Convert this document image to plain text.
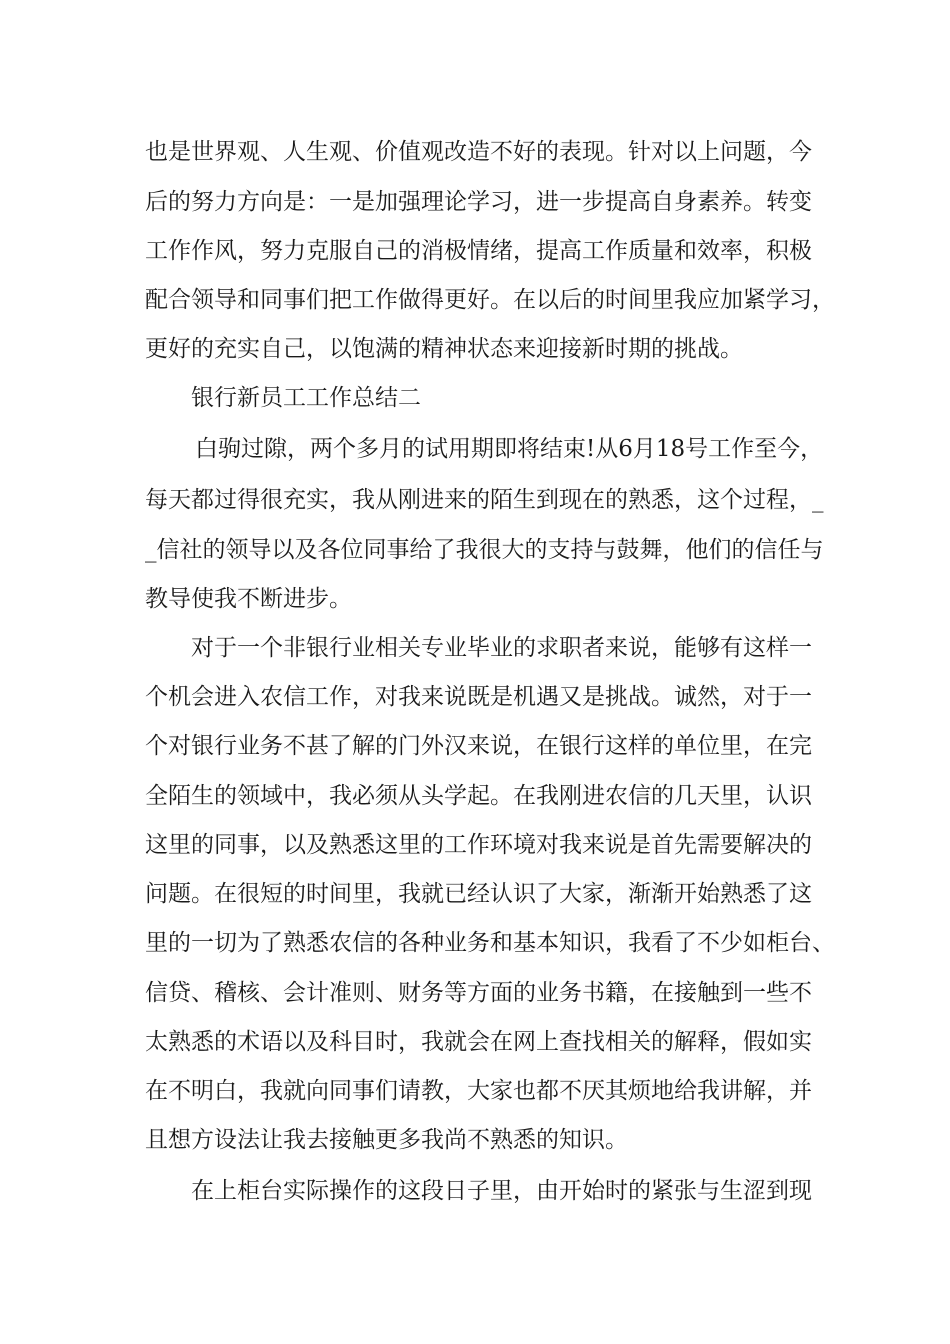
也是世界观、人生观、价值观改造不好的表现。针对以上问题，今
后的努力方向是：一是加强理论学习，进一步提高自身素养。转变
工作作风，努力克服自己的消极情绪，提高工作质量和效率，积极
配合领导和同事们把工作做得更好。在以后的时间里我应加紧学习，
更好的充实自己，以饱满的精神状态来迎接新时期的挑战。
银行新员工工作总结二
白驹过隙，两个多月的试用期即将结束!从6月18号工作至今，
每天都过得很充实，我从刚进来的陌生到现在的熟悉，这个过程，_
_信社的领导以及各位同事给了我很大的支持与鼓舞，他们的信任与
教导使我不断进步。
对于一个非银行业相关专业毕业的求职者来说，能够有这样一
个机会进入农信工作，对我来说既是机遇又是挑战。诚然，对于一
个对银行业务不甚了解的门外汉来说，在银行这样的单位里，在完
全陌生的领域中，我必须从头学起。在我刚进农信的几天里，认识
这里的同事，以及熟悉这里的工作环境对我来说是首先需要解决的
问题。在很短的时间里，我就已经认识了大家，渐渐开始熟悉了这
里的一切为了熟悉农信的各种业务和基本知识，我看了不少如柜台、
信贷、稽核、会计准则、财务等方面的业务书籍，在接触到一些不
太熟悉的术语以及科目时，我就会在网上查找相关的解释，假如实
在不明白，我就向同事们请教，大家也都不厌其烦地给我讲解，并
且想方设法让我去接触更多我尚不熟悉的知识。
在上柜台实际操作的这段日子里，由开始时的紧张与生涩到现
